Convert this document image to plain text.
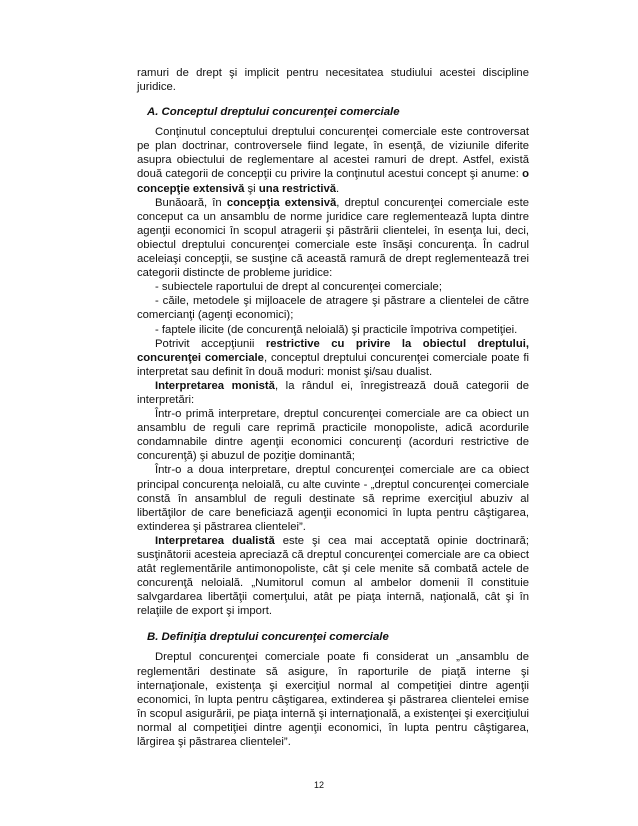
ramuri de drept şi implicit pentru necesitatea studiului acestei discipline juridice.

A. Conceptul dreptului concurenţei comerciale

Conţinutul conceptului dreptului concurenţei comerciale este controversat pe plan doctrinar, controversele fiind legate, în esenţă, de viziunile diferite asupra obiectului de reglementare al acestei ramuri de drept. Astfel, există două categorii de concepţii cu privire la conţinutul acestui concept şi anume: o concepţie extensivă şi una restrictivă.

Bunăoară, în concepţia extensivă, dreptul concurenţei comerciale este conceput ca un ansamblu de norme juridice care reglementează lupta dintre agenţii economici în scopul atragerii şi păstrării clientelei, în esenţa lui, deci, obiectul dreptului concurenţei comerciale este însăşi concurenţa. În cadrul aceleiaşi concepţii, se susţine că această ramură de drept reglementează trei categorii distincte de probleme juridice:

- subiectele raportului de drept al concurenţei comerciale;

- căile, metodele şi mijloacele de atragere şi păstrare a clientelei de către comercianţi (agenţi economici);

- faptele ilicite (de concurenţă neloială) şi practicile împotriva competiţiei.

Potrivit accepţiunii restrictive cu privire la obiectul dreptului, concurenţei comerciale, conceptul dreptului concurenţei comerciale poate fi interpretat sau definit în două moduri: monist şi/sau dualist.

Interpretarea monistă, la rândul ei, înregistrează două categorii de interpretări:

Într-o primă interpretare, dreptul concurenţei comerciale are ca obiect un ansamblu de reguli care reprimă practicile monopoliste, adică acordurile condamnabile dintre agenţii economici concurenţi (acorduri restrictive de concurenţă) şi abuzul de poziţie dominantă;

Într-o a doua interpretare, dreptul concurenţei comerciale are ca obiect principal concurenţa neloială, cu alte cuvinte - „dreptul concurenţei comerciale constă în ansamblul de reguli destinate să reprime exerciţiul abuziv al libertăţilor de care beneficiază agenţii economici în lupta pentru câştigarea, extinderea şi păstrarea clientelei”.

Interpretarea dualistă este şi cea mai acceptată opinie doctrinară; susţinătorii acesteia apreciază că dreptul concurenţei comerciale are ca obiect atât reglementările antimonopoliste, cât şi cele menite să combată actele de concurenţă neloială. „Numitorul comun al ambelor domenii îl constituie salvgardarea libertăţii comerţului, atât pe piaţa internă, naţională, cât şi în relaţiile de export şi import.

B. Definiţia dreptului concurenţei comerciale

Dreptul concurenţei comerciale poate fi considerat un „ansamblu de reglementări destinate să asigure, în raporturile de piaţă interne şi internaţionale, existenţa şi exerciţiul normal al competiţiei dintre agenţii economici, în lupta pentru câştigarea, extinderea şi păstrarea clientelei emise în scopul asigurării, pe piaţa internă şi internaţională, a existenţei şi exerciţiului normal al competiţiei dintre agenţii economici, în lupta pentru câştigarea, lărgirea şi păstrarea clientelei”.

12
